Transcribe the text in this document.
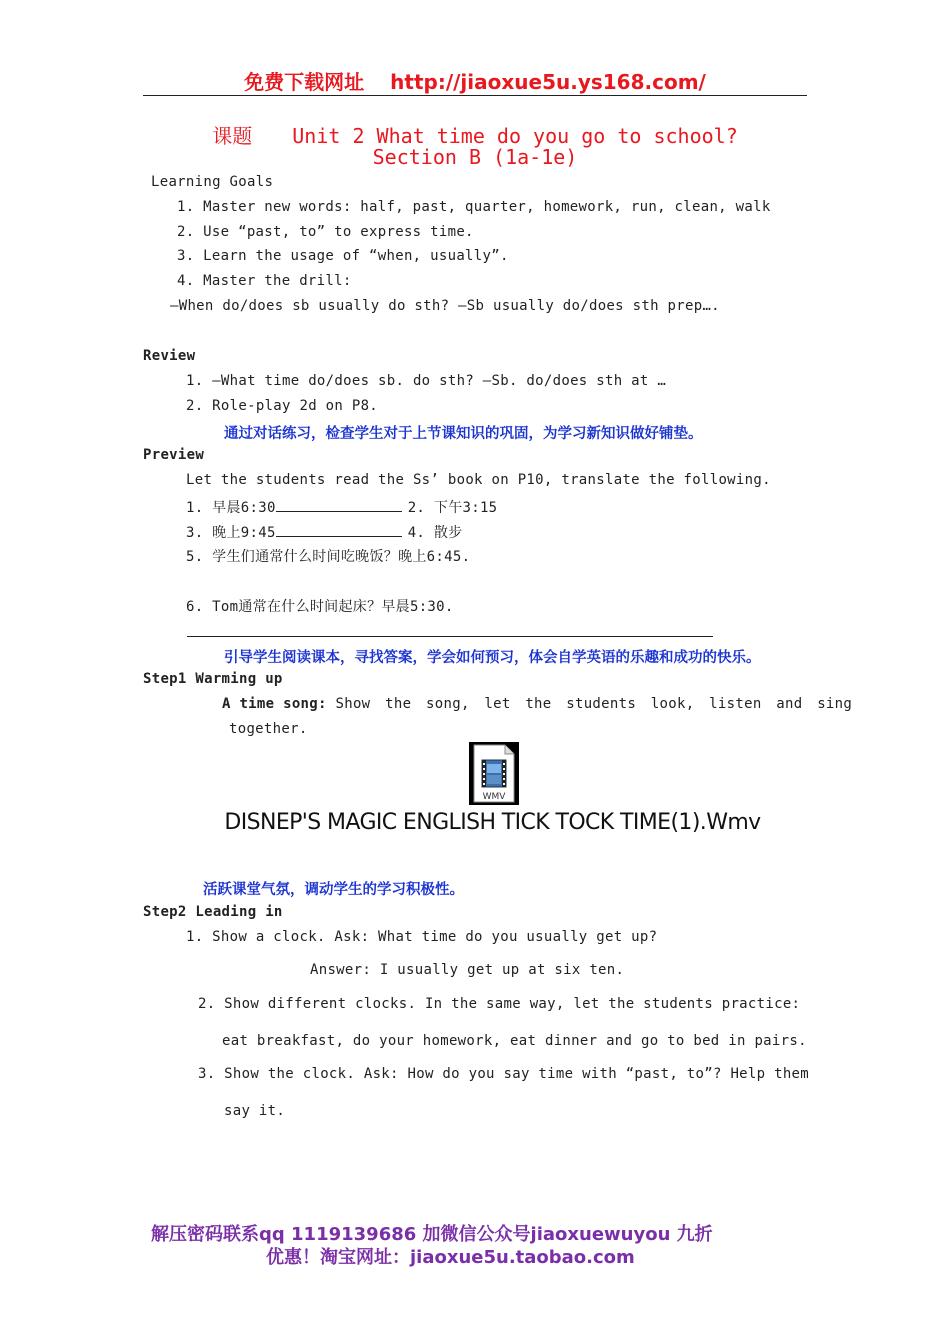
免费下载网址 http://jiaoxue5u.ys168.com/
课题 Unit 2 What time do you go to school?
Section B (1a-1e)
Learning Goals
1. Master new words: half, past, quarter, homework, run, clean, walk
2. Use “past, to” to express time.
3. Learn the usage of “when, usually”.
4. Master the drill:
—When do/does sb usually do sth? —Sb usually do/does sth prep….
Review
1. —What time do/does sb. do sth? —Sb. do/does sth at …
2. Role-play 2d on P8.
通过对话练习，检查学生对于上节课知识的巩固，为学习新知识做好铺垫。
Preview
Let the students read the Ss’ book on P10, translate the following.
1. 早晨6:30	2. 下午3:15
3. 晚上9:45	4. 散步
5. 学生们通常什么时间吃晚饭？晚上6:45.
6. Tom通常在什么时间起床？早晨5:30.
引导学生阅读课本，寻找答案，学会如何预习，体会自学英语的乐趣和成功的快乐。
Step1 Warming up
A time song: Show the song, let the students look, listen and sing
together.
WMV
DISNEP'S MAGIC ENGLISH TICK TOCK TIME(1).Wmv
活跃课堂气氛，调动学生的学习积极性。
Step2 Leading in
1. Show a clock. Ask: What time do you usually get up?
Answer: I usually get up at six ten.
2. Show different clocks. In the same way, let the students practice:
eat breakfast, do your homework, eat dinner and go to bed in pairs.
3. Show the clock. Ask: How do you say time with “past, to”? Help them
say it.
解压密码联系qq 1119139686 加微信公众号jiaoxuewuyou 九折
优惠！淘宝网址：jiaoxue5u.taobao.com
